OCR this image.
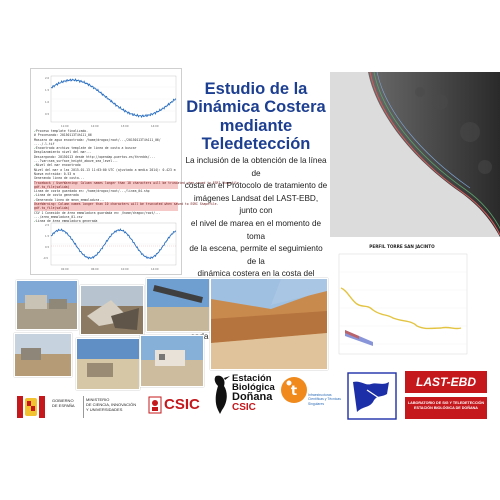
2.0
1.5
1.0
0.5
11:00	12:00	13:00	14:00
✓ Proceso template finalizado.
# Procesando: 20150113T4h111_06
Mascara de agua encontrada: /home/dragoc/root/.../20150113T4h111_06/
..../.l.tif
✓ Encontrado archivo template de linea de costa a buscar
Desplazamiento nivel del mar...
Descargando: 20150113 desde http://opendap.puertos.es/thredds/...
...?var=sea_surface_height_above_sea_level...
✓ Nivel del mar encontrado
Nivel del mar a las 2015-01-13 11:03:00 UTC (ajustado a media 2014): 0.423 m
Nueva extraida: 0.53 m
Generando linea de costa...
Traceback / UserWarning: Column names longer than 10 characters will be truncated when saved to ESRI Shapefile.
gdf.to_file(salida)
Linea de costa guardada en: /home/dragoc/root/.../linea_04.shp
✓ Linea de costa generada
✓ Generando linea de mean_emmoladura...
UserWarning: Column names longer than 10 characters will be truncated when saved to ESRI Shapefile.
gdf.to_file(salida)
CSV 1 Conexión de área emmoladura guardada en: /home/dragoc/root/...
.../area_emmoladura_01.csv
✓ Linea de área emmoladura generada
2.5
1.5
0.5
-0.5
02:00	06:00	10:00	14:00
Estudio de la
Dinámica Costera
mediante
Teledetección
La inclusión de la obtención de la línea de
costa en el Protocolo de tratamiento de
imágenes Landsat del LAST-EBD, junto con
el nivel de marea en el momento de toma
de la escena, permite el seguimiento de la
dinámica costera en la costa del
PERFIL TORRE SAN JACINTO
GOBIERNO
DE ESPAÑA
MINISTERIO
DE CIENCIA, INNOVACIÓN
Y UNIVERSIDADES	CSIC
Estación
Biológica
Doñana
CSIC
t	Infraestructuras
Científicas y Técnicas
Singulares
LAST-EBD
LABORATORIO DE SIG Y TELEDETECCIÓN
ESTACIÓN BIOLÓGICA DE DOÑANA
